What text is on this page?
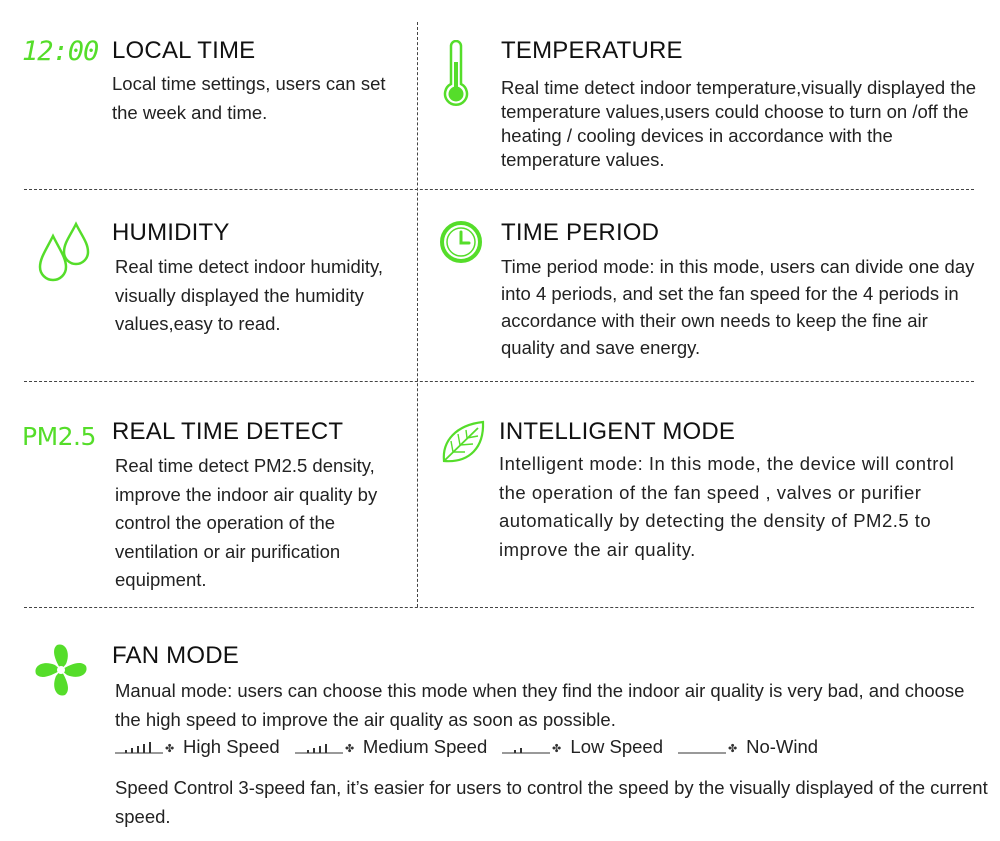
12:00 LOCAL TIME
Local time settings, users can set the week and time.
TEMPERATURE
Real time detect indoor temperature,visually displayed the temperature values,users could choose to turn on /off the heating / cooling devices in accordance with the temperature values.
HUMIDITY
Real time detect indoor humidity, visually displayed the humidity values,easy to read.
TIME PERIOD
Time period mode: in this mode, users can divide one day into 4 periods, and set the fan speed for the 4 periods in accordance with their own needs to keep the fine air quality and save energy.
PM2.5 REAL TIME DETECT
Real time detect PM2.5 density, improve the indoor air quality by control the operation of the ventilation or air purification equipment.
INTELLIGENT MODE
Intelligent mode: In this mode, the device will control the operation of the fan speed , valves or purifier automatically by detecting the density of PM2.5 to improve the air quality.
FAN MODE
Manual mode: users can choose this mode when they find the indoor air quality is very bad, and choose the high speed to improve the air quality as soon as possible.
✤ High Speed
	✤ Medium Speed
	✤ Low Speed
	✤ No-Wind
Speed Control 3-speed fan, it’s easier for users to control the speed by the visually displayed of the current speed.
